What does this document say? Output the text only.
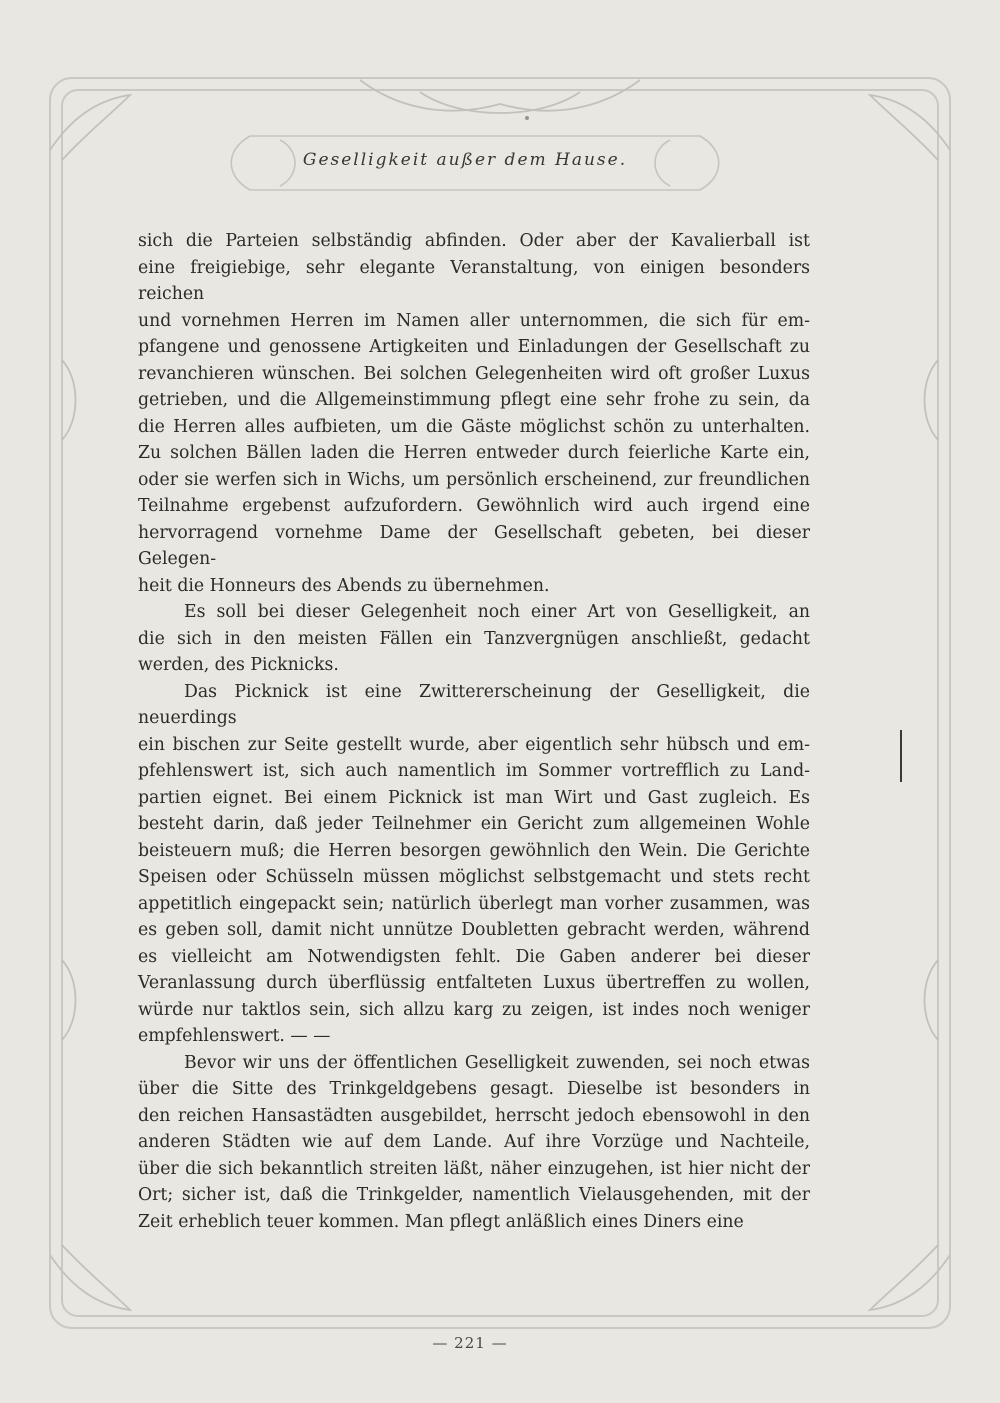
Geselligkeit außer dem Hause.

sich die Parteien selbständig abfinden. Oder aber der Kavalierball ist

eine freigiebige, sehr elegante Veranstaltung, von einigen besonders reichen

und vornehmen Herren im Namen aller unternommen, die sich für em-

pfangene und genossene Artigkeiten und Einladungen der Gesellschaft zu

revanchieren wünschen. Bei solchen Gelegenheiten wird oft großer Luxus

getrieben, und die Allgemeinstimmung pflegt eine sehr frohe zu sein, da

die Herren alles aufbieten, um die Gäste möglichst schön zu unterhalten.

Zu solchen Bällen laden die Herren entweder durch feierliche Karte ein,

oder sie werfen sich in Wichs, um persönlich erscheinend, zur freundlichen

Teilnahme ergebenst aufzufordern. Gewöhnlich wird auch irgend eine

hervorragend vornehme Dame der Gesellschaft gebeten, bei dieser Gelegen-

heit die Honneurs des Abends zu übernehmen.

Es soll bei dieser Gelegenheit noch einer Art von Geselligkeit, an

die sich in den meisten Fällen ein Tanzvergnügen anschließt, gedacht

werden, des Picknicks.

Das Picknick ist eine Zwittererscheinung der Geselligkeit, die neuerdings

ein bischen zur Seite gestellt wurde, aber eigentlich sehr hübsch und em-

pfehlenswert ist, sich auch namentlich im Sommer vortrefflich zu Land-

partien eignet. Bei einem Picknick ist man Wirt und Gast zugleich. Es

besteht darin, daß jeder Teilnehmer ein Gericht zum allgemeinen Wohle

beisteuern muß; die Herren besorgen gewöhnlich den Wein. Die Gerichte

Speisen oder Schüsseln müssen möglichst selbstgemacht und stets recht

appetitlich eingepackt sein; natürlich überlegt man vorher zusammen, was

es geben soll, damit nicht unnütze Doubletten gebracht werden, während

es vielleicht am Notwendigsten fehlt. Die Gaben anderer bei dieser

Veranlassung durch überflüssig entfalteten Luxus übertreffen zu wollen,

würde nur taktlos sein, sich allzu karg zu zeigen, ist indes noch weniger

empfehlenswert. — —

Bevor wir uns der öffentlichen Geselligkeit zuwenden, sei noch etwas

über die Sitte des Trinkgeldgebens gesagt. Dieselbe ist besonders in

den reichen Hansastädten ausgebildet, herrscht jedoch ebensowohl in den

anderen Städten wie auf dem Lande. Auf ihre Vorzüge und Nachteile,

über die sich bekanntlich streiten läßt, näher einzugehen, ist hier nicht der

Ort; sicher ist, daß die Trinkgelder, namentlich Vielausgehenden, mit der

Zeit erheblich teuer kommen. Man pflegt anläßlich eines Diners eine

— 221 —
